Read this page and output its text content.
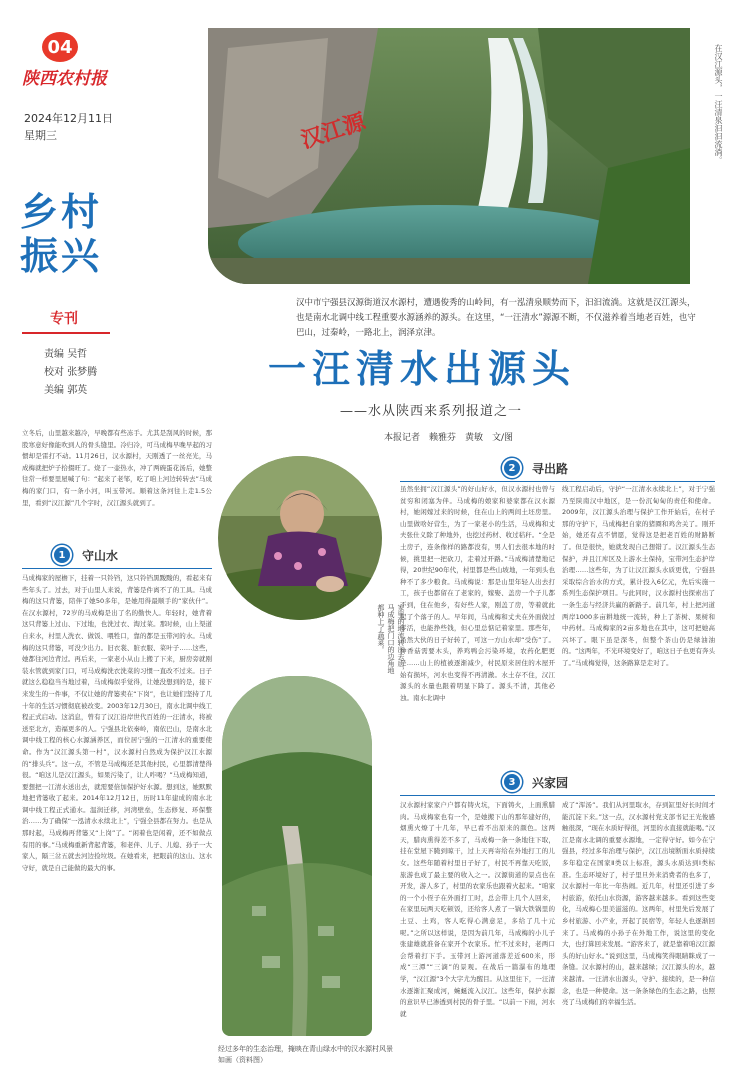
04
陕西农村报
2024年12月11日
星期三
乡村
振兴
专刊
责编 吴哲
校对 张梦腾
美编 郭英
汉江源	在汉江源头，一汪清泉汩汩流淌。
汉中市宁强县汉源街道汉水源村，遭遇俊秀的山岭间，有一泓清泉顺势而下，汩汩流淌。这就是汉江源头，也是南水北调中线工程重要水源涵养的源头。在这里，“一汪清水”源源不断，不仅滋养着当地老百姓，也守巴山，过秦岭，一路北上，润泽京津。
一汪清水出源头
——水从陕西来系列报道之一
本报记者　赖雅芬　黄敏　文/图
立冬后，山里越来越冷，早晚都有些冻手。尤其是刮风的时候，那股寒意好像能吹到人的骨头缝里。冷归冷，可马成梅早晚早起的习惯却是雷打不动。11月26日，汉水源村，天刚透了一丝亮光，马成梅就把炉子拾掇旺了。烧了一壶热水，冲了两碗蛋花汤后，她整往常一样要里屋喊了句：“起来了老邹，吃了咱上河边转转去”马成梅的家门口，有一条小河，叫玉带河。顺着这条河往上走1.5公里，看到“汉江源”几个字时，汉江源头就到了。
1	守山水
马成梅家的屋檐下，挂着一只铃铛，这只铃铛黑黢黢的，看起来有些年头了。过去，对于山里人来说，背篓是件离不了的工具。马成梅的这只背篓，陪伴了她50多年，是她用得最顺手的“家伙什”。在汉水源村，72岁的马成梅是出了名的勤快人。年轻时，她背着这只背篓上过山、下过地，也洗过衣、淘过菜。那时候，山上渠道自来水，村里人洗衣、做饭、喂牲口，靠的都是玉带河的水。马成梅的这只背篓，可没少出力。旧衣裳、脏衣服、菜叶子……这些，她都往河边背过。再后来，一家老小从山上搬了下来，厨房旁就刚装水管就到家门口，可马成梅洗衣洗菜的习惯一直改不过来。日子就这么稳稳当当地过着，马成梅似乎觉得，让她没想到的是，接下来发生的一件事，不仅让她的背篓卖在“下岗”，也让她们坚持了几十年的生活习惯彻底被改变。2003年12月30日，南水北调中线工程正式启动。这消息，曾有了汉江沿岸世代百姓的一汪清水，将被送至北方，造福更多的人。宁强县北依秦岭，南依巴山，是南水北调中线工程的核心水源涵养区，而位居宁强的一江清水的重要使命。作为“汉江源头第一村”，汉水源村自然成为保护汉江水源的“排头兵”。这一点，不管是马成梅还是其他村民，心里都清楚得很。“咱这儿是汉江源头，如果污染了，让人咋喝？”马成梅知道，要想把一江清水送出去，就需要倍加保护好水源。想到这，她默默地把背篓收了起来。2014年12月12日，历时11年建成的南水北调中线工程正式通水。温润迁移，河湾壁垒，生态修复、环保整治……为了确保“一泓清水永续北上”，宁强全县都在努力。也是从那时起，马成梅再背篓又“上岗”了。“闲着也是闲着，还不如做点有用的事。”马成梅重新背起背篓，和老伴、儿子、儿媳、孙子一大家人，隔三岔五就去河边捡垃圾。在她看来，把眼前的这山、这水守好，就是自己能做的最大的事。
家里的地流转出去后，马成梅把门口的边角地都种上了蔬菜。
经过多年的生态治理，掩映在青山绿水中的汉水源村风景如画（资料图）
2	寻出路
虽然坐拥“汉江源头”的好山好水，但汉水源村也曾与贫穷和闭塞为伴。马成梅的娘家和婆家都在汉水源村，她闲嫁过来的时候，住在山上的两间土坯房里。山里做啥好营生，为了一家老小的生活，马成梅和丈夫张仕义除了种地外，也挖过药材、收过秸秆。“全是土房子，连条像样的路都没有，男人们去很本地的时候，挑里把一把砍刀，走着过开路。”马成梅清楚地记得，20世纪90年代，村里都是些山坡地，一年到头也种不了多少粮食。马成梅说：那是山里年轻人出去打工，孩子也都留在了老家的，嫁娶、盖房一个子儿都不到，住在他乡，有好些人家，刚盖了房，等着就此起了个落子的人。早年间，马成梅和丈夫在外面做过零活，也能挣些钱，但心里总惦记着家里。那些年，虽然大伙的日子好转了，可这一方山水却“受伤”了。种香菇需要木头，养鸡鸭会污染环境，农药化肥更是……山上的植被逐渐减少，村民原来居住的木屋开始有损坏，河水也变得不再清澈。水土存不住，汉江源头的水量也跟着明显下降了。源头不清，其他必浊。南水北调中
线工程启动后，守护“一江清水永续北上”，对于宁强乃至陕南汉中地区，是一份沉甸甸的责任和使命。2009年，汉江源头治理与保护工作开始后，在村子那的守护下，马成梅把自家的猪圈和鸡舍关了。刚开始，她还有点不情愿，觉得这是把老百姓的财路断了。但是很快，她就发现自己想错了。汉江源头生态保护，并且江库区及上游水土保持，宝带河生态护岸治理……这些年，为了让汉江源头水质更优，宁强县采取综合治水的方式，累计投入6亿元，先后实施一系列生态保护项目。与此同时，汉水源村也探索出了一条生态与经济共赢的新路子。前几年，村上把河道两岸1000多亩耕地统一流转，种上了茶树、果树和中药材。马成梅家的2亩多地也在其中，这可把她高兴坏了。眼下虽是深冬，但整个茶山仍是绿油油的。“这两年，不光环境变好了，咱这日子也更有奔头了。”马成梅觉得，这条路算是走对了。
3	兴家园
汉水源村家家户户都有铸火坑，下面铸火，上面熏腊肉。马成梅家也有一个，是她搬下山的那年建好的，烟熏火燎了十几年，早已看不出原来的颜色。这两天，腊肉熏得差不多了，马成梅一条一条地往下取，挂在堂屋下腌到晾干，过上天再寄给在外地打工的儿女。这些年随着村里日子好了，村民不再靠天吃饭，旅游也成了最主要的收入之一。汉源街道的景点也在开发，游人多了，村里的农家乐也跟着火起来。“咱家的一个小侄子在外面打工时，总会带上几个人回来，在家里玩两天吃顿饭，还给客人煮了一锅大铁锅里的土豆、土鸡，客人吃得心满意足，多给了几十元呢。”之所以这样说，是因为前几年，马成梅的小儿子张建雄就准备在家开个农家乐。忙不过来时，老两口会帮着打下手。玉带河上游河道落差近600米，形成“三潭”“三滴”的景观。在战后一篇瀑布的地理学，“汉江源”3个大字尤为醒目。从这里往下，一汪清水逐渐汇聚成河，蜿蜒流入汉江。这些年，保护水源的意识早已渗透到村民的骨子里。“以前一下雨，河水就
成了“浑汤”。我们从河里取水，存到缸里好长时间才能沉淀下来。”这一点，汉水源村党支部书记王光俊感触很深，“现在水质好得很，河里的水直接就能喝。”汉江是南水北调的重要水源地，一定得守好。如今在宁强县，经过多年治理与保护，汉江出境断面水质持续多年稳定在国家Ⅱ类以上标准，源头水质达到Ⅰ类标准。生态环境好了，村子里旦外来消费者的也多了，汉水源村一年比一年热闹。近几年，村里还引进了乡村旅游，依托山水资源，游客越来越多。看到这些变化，马成梅心里美滋滋的。这两年，村里先后发展了乡村旅游、小产业，开起了民宿等，年轻人也逐渐回来了。马成梅的小孙子在外地工作，说这里的变化大，也打算回来发展。“游客来了，就是靠着咱汉江源头的好山好水。”说到这里，马成梅笑得眼睛眯成了一条缝。汉水源村的山，越来越绿；汉江源头的水，越来越清。一汪清水出源头，守护、接续的，是一种信念，也是一种使命。这一条条绿色的生态之路，也照亮了马成梅们的幸福生活。
